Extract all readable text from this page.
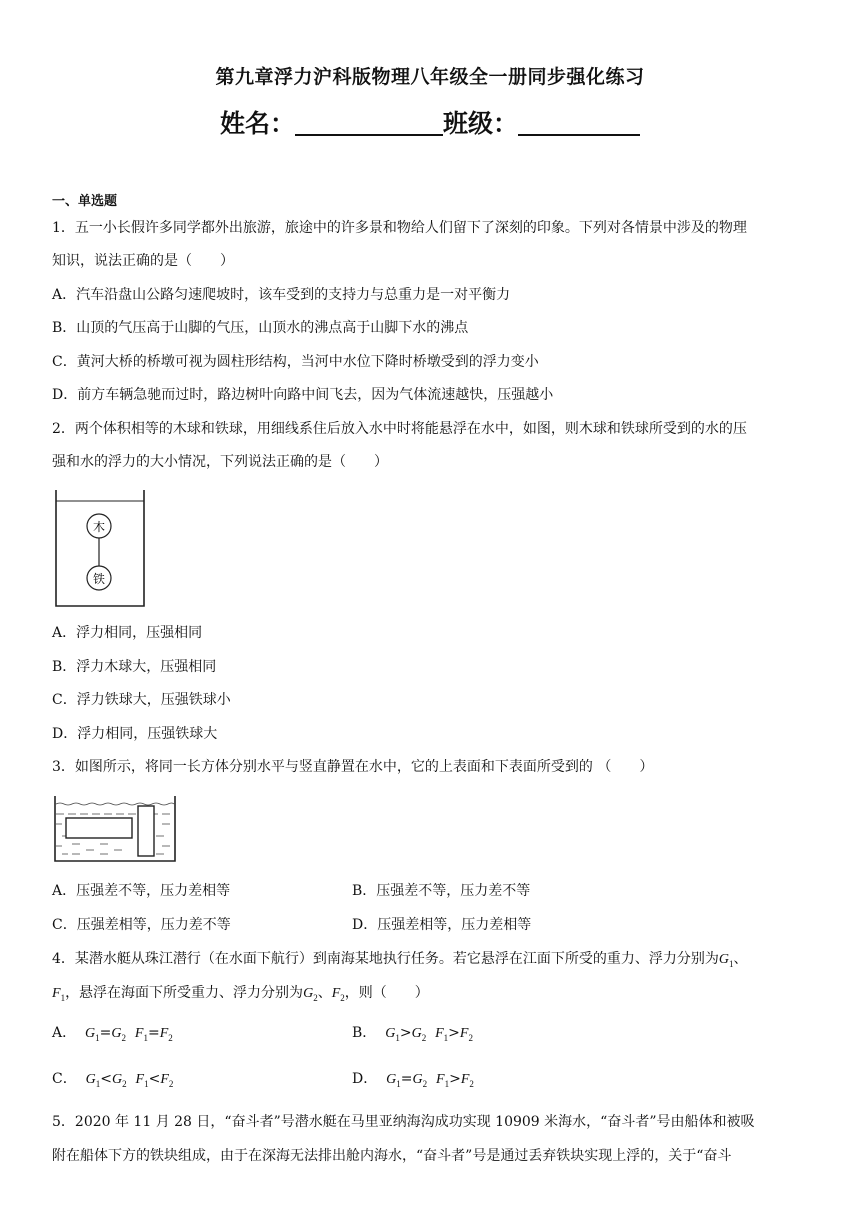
第九章浮力沪科版物理八年级全一册同步强化练习
姓名：	班级：
一、单选题
1．五一小长假许多同学都外出旅游，旅途中的许多景和物给人们留下了深刻的印象。下列对各情景中涉及的物理
知识，说法正确的是（　　）
A．汽车沿盘山公路匀速爬坡时，该车受到的支持力与总重力是一对平衡力
B．山顶的气压高于山脚的气压，山顶水的沸点高于山脚下水的沸点
C．黄河大桥的桥墩可视为圆柱形结构，当河中水位下降时桥墩受到的浮力变小
D．前方车辆急驰而过时，路边树叶向路中间飞去，因为气体流速越快，压强越小
2．两个体积相等的木球和铁球，用细线系住后放入水中时将能悬浮在水中，如图，则木球和铁球所受到的水的压
强和水的浮力的大小情况，下列说法正确的是（　　）
木
铁
A．浮力相同，压强相同
B．浮力木球大，压强相同
C．浮力铁球大，压强铁球小
D．浮力相同，压强铁球大
3．如图所示，将同一长方体分别水平与竖直静置在水中，它的上表面和下表面所受到的 （　　）
A．压强差不等，压力差相等	B．压强差不等，压力差不等
C．压强差相等，压力差不等	D．压强差相等，压力差相等
4．某潜水艇从珠江潜行（在水面下航行）到南海某地执行任务。若它悬浮在江面下所受的重力、浮力分别为$G_1$、
$F_1$，悬浮在海面下所受重力、浮力分别为$G_2$、$F_2$，则（　　）
A． $G_1=G_2$ $F_1=F_2$	B． $G_1>G_2$ $F_1>F_2$
C． $G_1<G_2$ $F_1<F_2$	D． $G_1=G_2$ $F_1>F_2$
5．2020 年 11 月 28 日，“奋斗者”号潜水艇在马里亚纳海沟成功实现 10909 米海水，“奋斗者”号由船体和被吸
附在船体下方的铁块组成，由于在深海无法排出舱内海水，“奋斗者”号是通过丢弃铁块实现上浮的，关于“奋斗
